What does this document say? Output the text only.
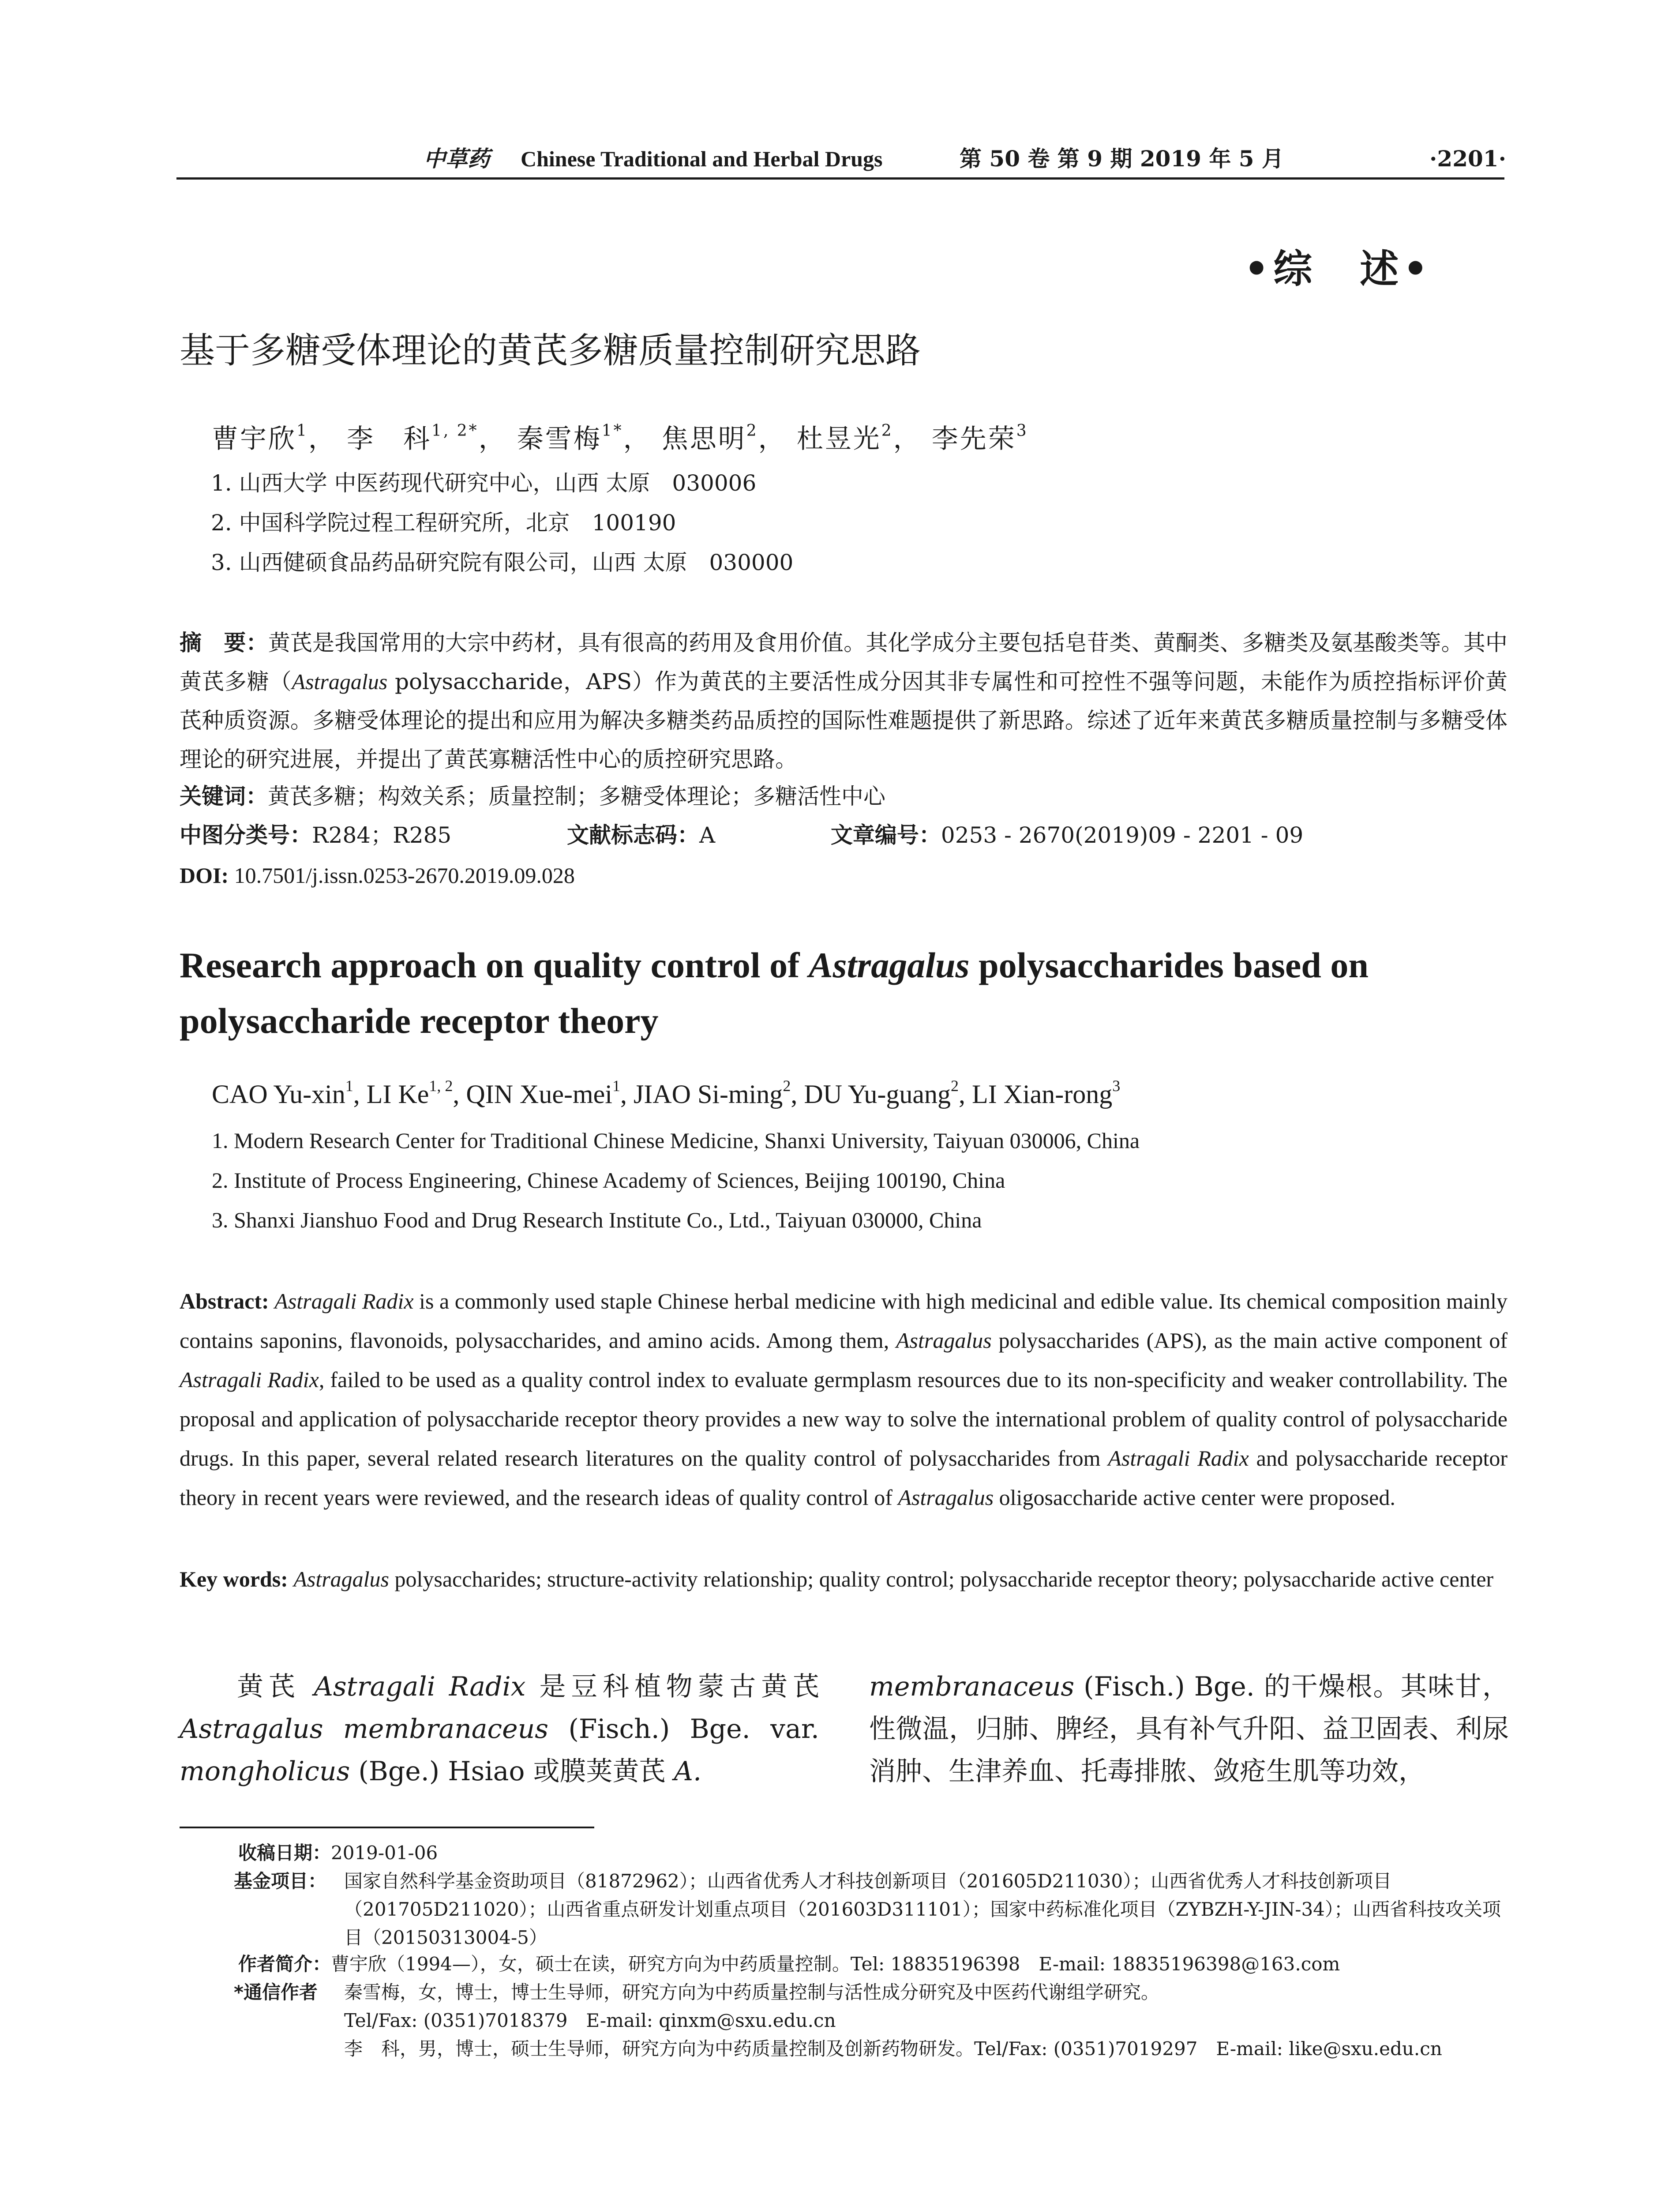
中草药 Chinese Traditional and Herbal Drugs	第 50 卷 第 9 期 2019 年 5 月	·2201·
•综　述•
基于多糖受体理论的黄芪多糖质量控制研究思路
曹宇欣$^1$， 李　科$^{1, 2*}$， 秦雪梅$^{1*}$， 焦思明$^2$， 杜昱光$^2$， 李先荣$^3$
1. 山西大学 中医药现代研究中心，山西 太原　030006
2. 中国科学院过程工程研究所，北京　100190
3. 山西健硕食品药品研究院有限公司，山西 太原　030000
摘　要：黄芪是我国常用的大宗中药材，具有很高的药用及食用价值。其化学成分主要包括皂苷类、黄酮类、多糖类及氨基酸类等。其中黄芪多糖（Astragalus polysaccharide，APS）作为黄芪的主要活性成分因其非专属性和可控性不强等问题，未能作为质控指标评价黄芪种质资源。多糖受体理论的提出和应用为解决多糖类药品质控的国际性难题提供了新思路。综述了近年来黄芪多糖质量控制与多糖受体理论的研究进展，并提出了黄芪寡糖活性中心的质控研究思路。
关键词：黄芪多糖；构效关系；质量控制；多糖受体理论；多糖活性中心
中图分类号：R284；R285	文献标志码：A	文章编号：0253 - 2670(2019)09 - 2201 - 09
DOI: 10.7501/j.issn.0253-2670.2019.09.028
Research approach on quality control of Astragalus polysaccharides based on polysaccharide receptor theory
CAO Yu-xin$^1$, LI Ke$^{1, 2}$, QIN Xue-mei$^1$, JIAO Si-ming$^2$, DU Yu-guang$^2$, LI Xian-rong$^3$
1. Modern Research Center for Traditional Chinese Medicine, Shanxi University, Taiyuan 030006, China
2. Institute of Process Engineering, Chinese Academy of Sciences, Beijing 100190, China
3. Shanxi Jianshuo Food and Drug Research Institute Co., Ltd., Taiyuan 030000, China
Abstract: Astragali Radix is a commonly used staple Chinese herbal medicine with high medicinal and edible value. Its chemical composition mainly contains saponins, flavonoids, polysaccharides, and amino acids. Among them, Astragalus polysaccharides (APS), as the main active component of Astragali Radix, failed to be used as a quality control index to evaluate germplasm resources due to its non-specificity and weaker controllability. The proposal and application of polysaccharide receptor theory provides a new way to solve the international problem of quality control of polysaccharide drugs. In this paper, several related research literatures on the quality control of polysaccharides from Astragali Radix and polysaccharide receptor theory in recent years were reviewed, and the research ideas of quality control of Astragalus oligosaccharide active center were proposed.
Key words: Astragalus polysaccharides; structure-activity relationship; quality control; polysaccharide receptor theory; polysaccharide active center
黄芪 Astragali Radix 是豆科植物蒙古黄芪 Astragalus membranaceus (Fisch.) Bge. var. mongholicus (Bge.) Hsiao 或膜荚黄芪 A.
membranaceus (Fisch.) Bge. 的干燥根。其味甘，性微温，归肺、脾经，具有补气升阳、益卫固表、利尿消肿、生津养血、托毒排脓、敛疮生肌等功效，
收稿日期：2019-01-06
基金项目： 国家自然科学基金资助项目（81872962）；山西省优秀人才科技创新项目（201605D211030）；山西省优秀人才科技创新项目（201705D211020）；山西省重点研发计划重点项目（201603D311101）；国家中药标准化项目（ZYBZH-Y-JIN-34）；山西省科技攻关项目（20150313004-5）
作者简介：曹宇欣（1994—），女，硕士在读，研究方向为中药质量控制。Tel: 18835196398　E-mail: 18835196398@163.com
*通信作者	秦雪梅，女，博士，博士生导师，研究方向为中药质量控制与活性成分研究及中医药代谢组学研究。
Tel/Fax: (0351)7018379　E-mail: qinxm@sxu.edu.cn
李　科，男，博士，硕士生导师，研究方向为中药质量控制及创新药物研发。Tel/Fax: (0351)7019297　E-mail: like@sxu.edu.cn
